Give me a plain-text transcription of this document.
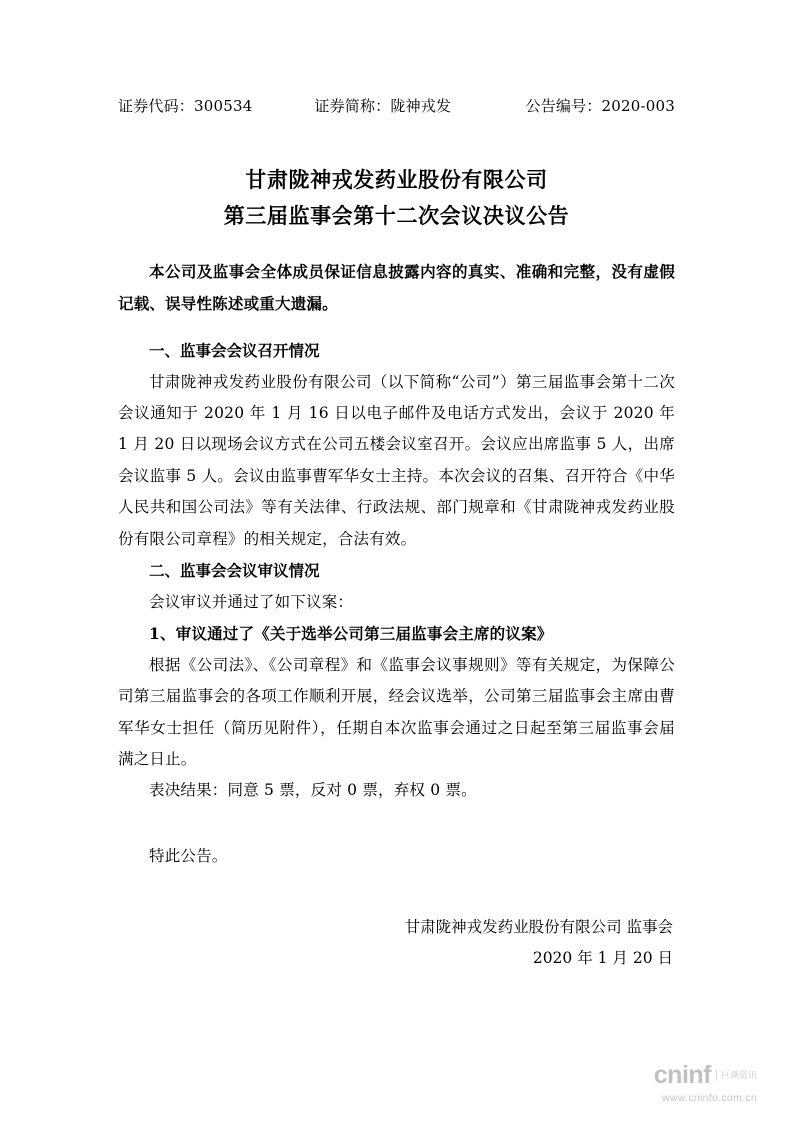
证券代码：300534	证券简称：陇神戎发	公告编号：2020-003
甘肃陇神戎发药业股份有限公司
第三届监事会第十二次会议决议公告

本公司及监事会全体成员保证信息披露内容的真实、准确和完整，没有虚假记载、误导性陈述或重大遗漏。

一、监事会会议召开情况

甘肃陇神戎发药业股份有限公司（以下简称“公司”）第三届监事会第十二次会议通知于 2020 年 1 月 16 日以电子邮件及电话方式发出，会议于 2020 年 1 月 20 日以现场会议方式在公司五楼会议室召开。会议应出席监事 5 人，出席会议监事 5 人。会议由监事曹军华女士主持。本次会议的召集、召开符合《中华人民共和国公司法》等有关法律、行政法规、部门规章和《甘肃陇神戎发药业股份有限公司章程》的相关规定，合法有效。

二、监事会会议审议情况

会议审议并通过了如下议案：

1、审议通过了《关于选举公司第三届监事会主席的议案》

根据《公司法》、《公司章程》和《监事会议事规则》等有关规定，为保障公司第三届监事会的各项工作顺利开展，经会议选举，公司第三届监事会主席由曹军华女士担任（简历见附件），任期自本次监事会通过之日起至第三届监事会届满之日止。

表决结果：同意 5 票，反对 0 票，弃权 0 票。

特此公告。

甘肃陇神戎发药业股份有限公司 监事会
2020 年 1 月 20 日
cninf	巨潮资讯
www.cninfo.com.cn
